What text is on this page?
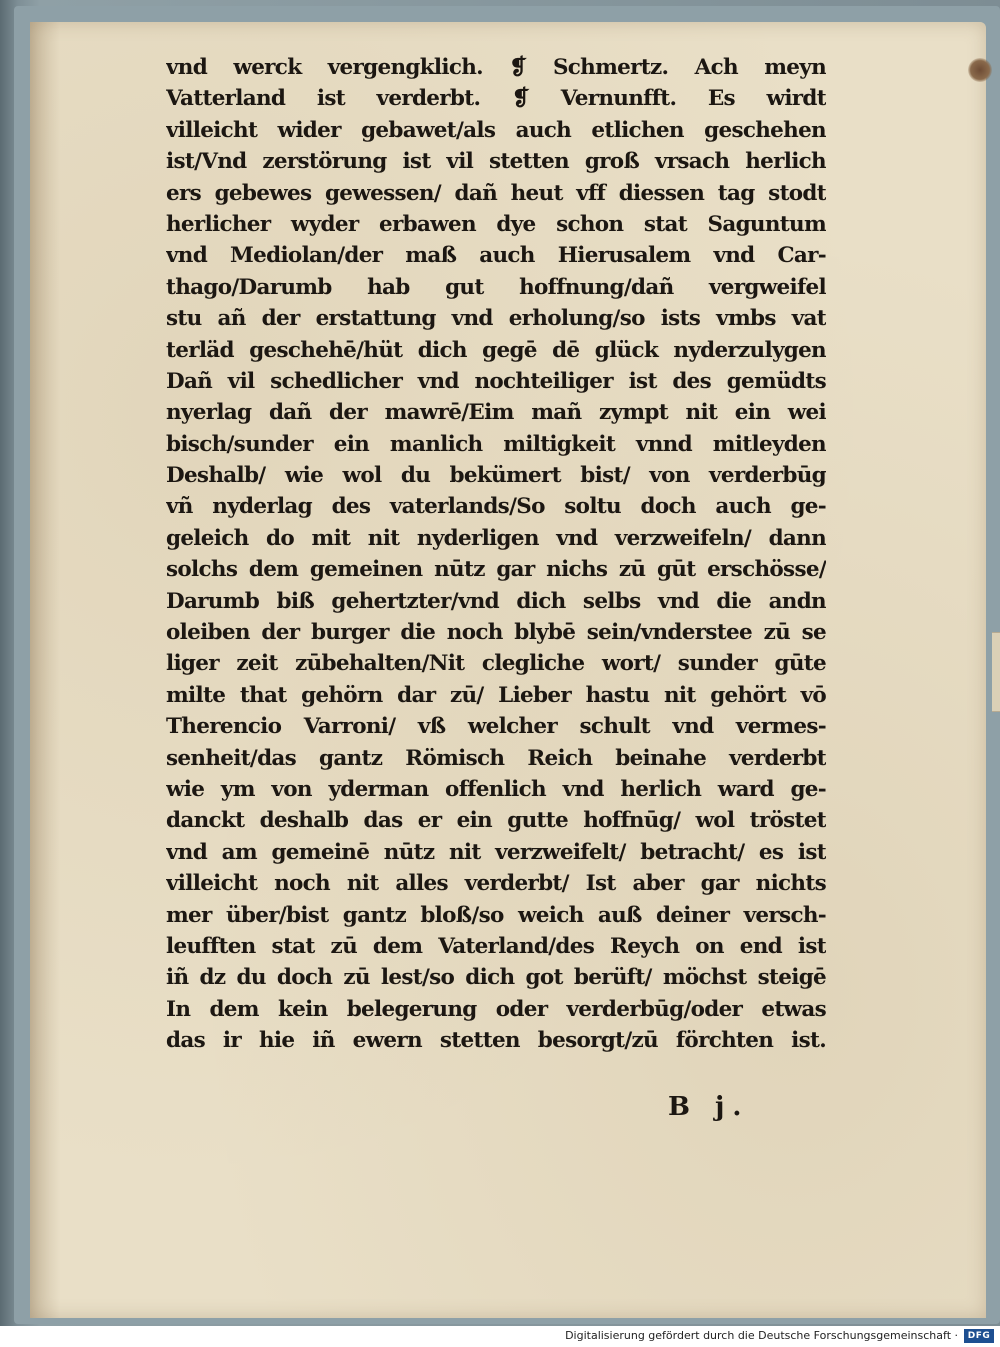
vnd werck vergengklich. ❡ Schmertz. Ach meyn
Vatterland ist verderbt. ❡ Vernunfft. Es wirdt
villeicht wider gebawet/als auch etlichen geschehen
ist/Vnd zerstörung ist vil stetten groß vrsach herlich
ers gebewes gewessen/ dañ heut vff diessen tag stodt
herlicher wyder erbawen dye schon stat Saguntum
vnd Mediolan/der maß auch Hierusalem vnd Car-
thago/Darumb hab gut hoffnung/dañ vergweifel
stu añ der erstattung vnd erholung/so ists vmbs vat
terläd geschehē/hüt dich gegē dē glück nyderzulygen
Dañ vil schedlicher vnd nochteiliger ist des gemüdts
nyerlag dañ der mawrē/Eim mañ zympt nit ein wei
bisch/sunder ein manlich miltigkeit vnnd mitleyden
Deshalb/ wie wol du bekümert bist/ von verderbūg
vñ nyderlag des vaterlands/So soltu doch auch ge-
geleich do mit nit nyderligen vnd verzweifeln/ dann
solchs dem gemeinen nūtz gar nichs zū gūt erschösse/
Darumb biß gehertzter/vnd dich selbs vnd die andn
oleiben der burger die noch blybē sein/vnderstee zū se
liger zeit zūbehalten/Nit clegliche wort/ sunder gūte
milte that gehörn dar zū/ Lieber hastu nit gehört vō
Therencio Varroni/ vß welcher schult vnd vermes-
senheit/das gantz Römisch Reich beinahe verderbt
wie ym von yderman offenlich vnd herlich ward ge-
danckt deshalb das er ein gutte hoffnūg/ wol tröstet
vnd am gemeinē nūtz nit verzweifelt/ betracht/ es ist
villeicht noch nit alles verderbt/ Ist aber gar nichts
mer über/bist gantz bloß/so weich auß deiner versch-
leufften stat zū dem Vaterland/des Reych on end ist
iñ dz du doch zū lest/so dich got berüft/ möchst steigē
In dem kein belegerung oder verderbūg/oder etwas
das ir hie iñ ewern stetten besorgt/zū förchten ist.
B j.
Digitalisierung gefördert durch die Deutsche Forschungsgemeinschaft ·	DFG
